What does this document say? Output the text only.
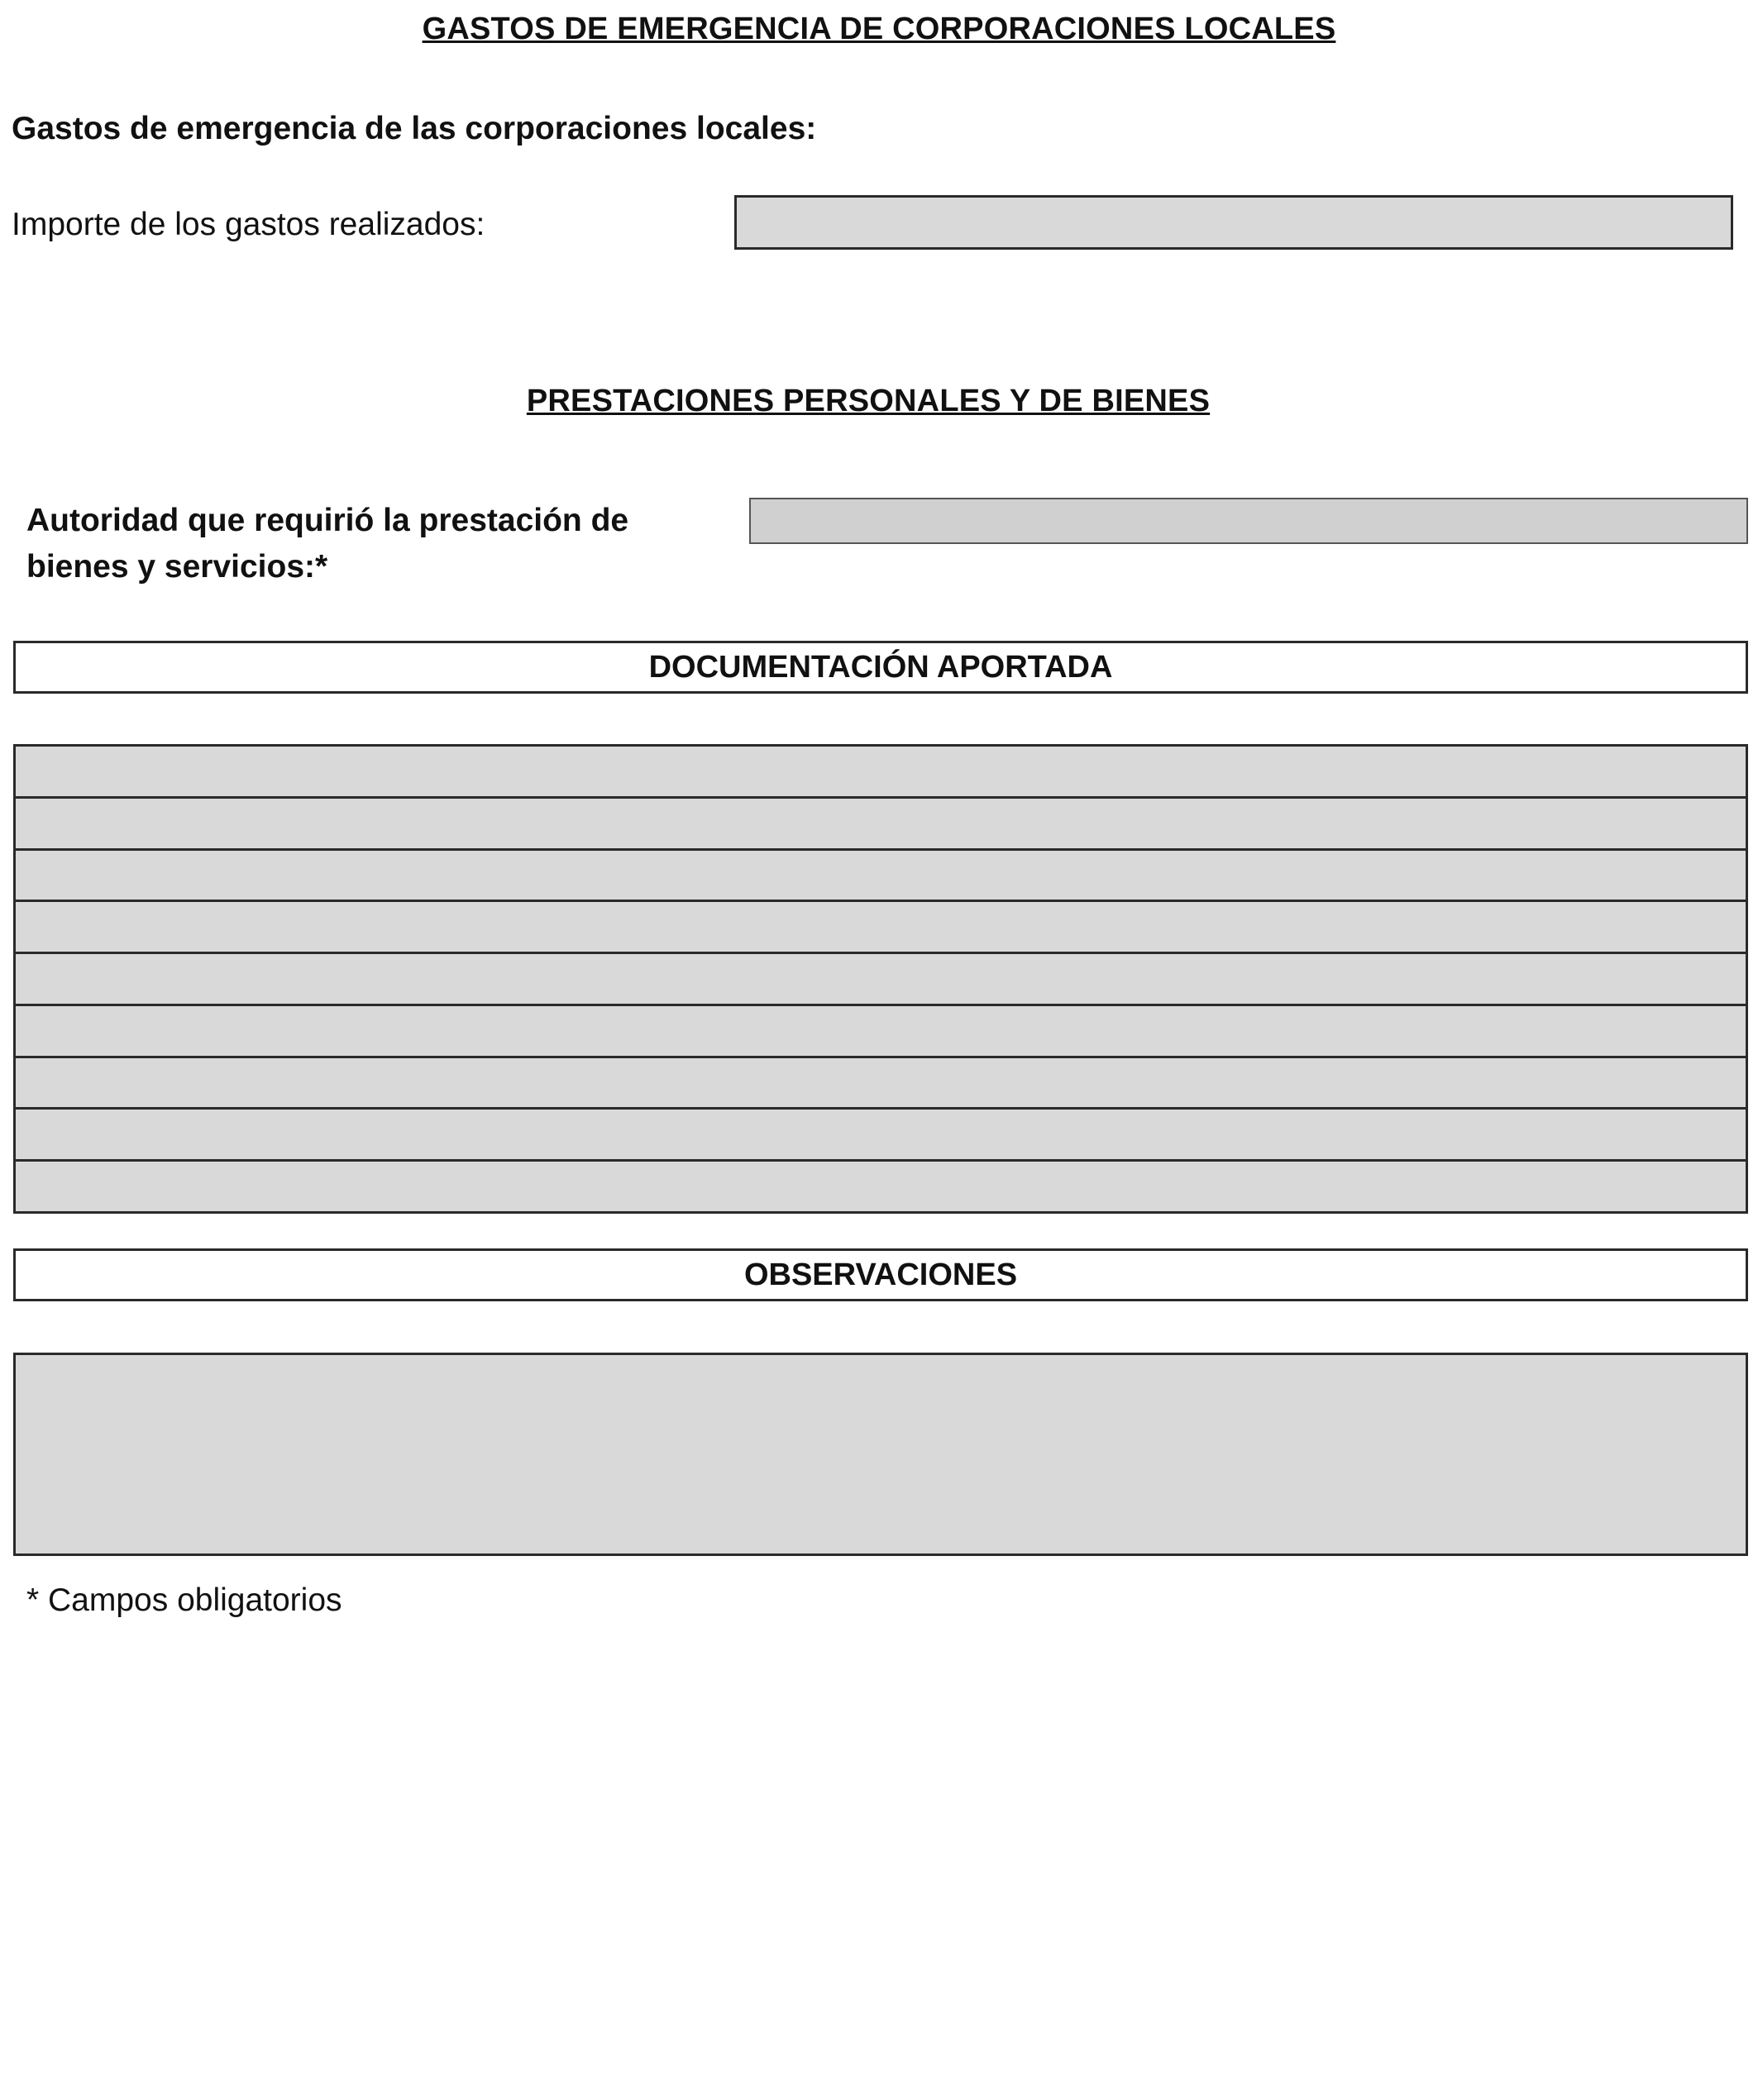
GASTOS DE EMERGENCIA DE CORPORACIONES LOCALES
Gastos de emergencia de las corporaciones locales:
Importe de los gastos realizados:
PRESTACIONES PERSONALES Y DE BIENES
Autoridad que requirió la prestación de
bienes y servicios:*
DOCUMENTACIÓN APORTADA
OBSERVACIONES
* Campos obligatorios
